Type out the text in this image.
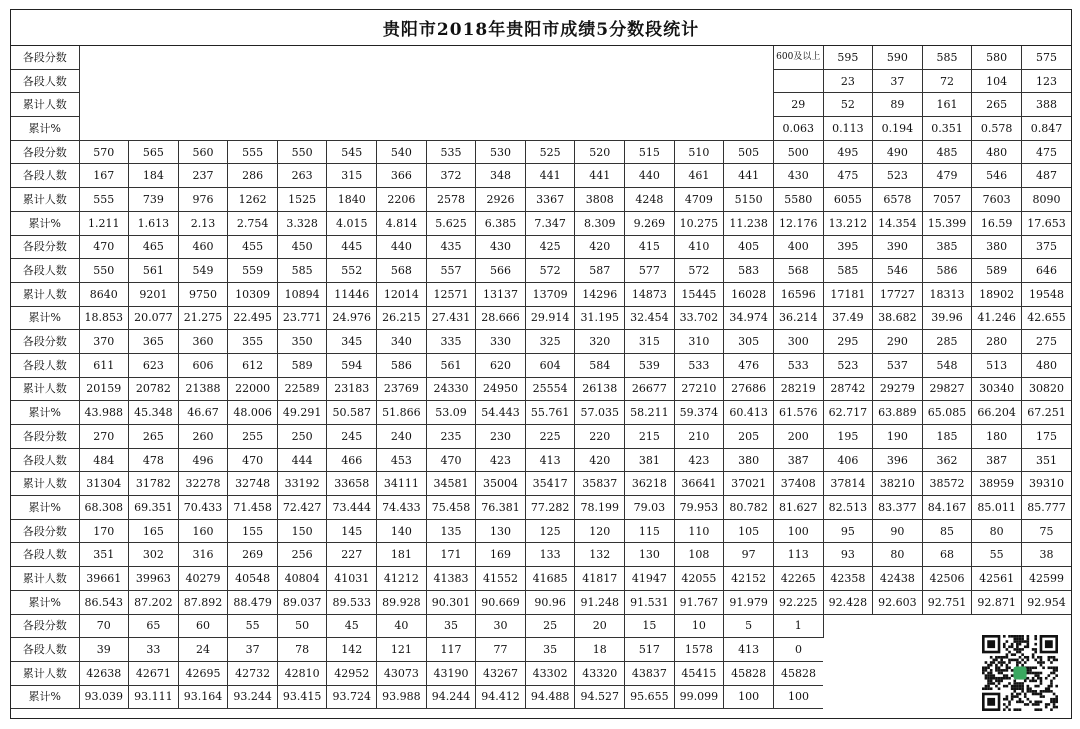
贵阳市2018年贵阳市成绩5分数段统计
各段分数															600及以上	595	590	585	580	575
各段人数																23	37	72	104	123
累计人数															29	52	89	161	265	388
累计%															0.063	0.113	0.194	0.351	0.578	0.847
各段分数	570	565	560	555	550	545	540	535	530	525	520	515	510	505	500	495	490	485	480	475
各段人数	167	184	237	286	263	315	366	372	348	441	441	440	461	441	430	475	523	479	546	487
累计人数	555	739	976	1262	1525	1840	2206	2578	2926	3367	3808	4248	4709	5150	5580	6055	6578	7057	7603	8090
累计%	1.211	1.613	2.13	2.754	3.328	4.015	4.814	5.625	6.385	7.347	8.309	9.269	10.275	11.238	12.176	13.212	14.354	15.399	16.59	17.653
各段分数	470	465	460	455	450	445	440	435	430	425	420	415	410	405	400	395	390	385	380	375
各段人数	550	561	549	559	585	552	568	557	566	572	587	577	572	583	568	585	546	586	589	646
累计人数	8640	9201	9750	10309	10894	11446	12014	12571	13137	13709	14296	14873	15445	16028	16596	17181	17727	18313	18902	19548
累计%	18.853	20.077	21.275	22.495	23.771	24.976	26.215	27.431	28.666	29.914	31.195	32.454	33.702	34.974	36.214	37.49	38.682	39.96	41.246	42.655
各段分数	370	365	360	355	350	345	340	335	330	325	320	315	310	305	300	295	290	285	280	275
各段人数	611	623	606	612	589	594	586	561	620	604	584	539	533	476	533	523	537	548	513	480
累计人数	20159	20782	21388	22000	22589	23183	23769	24330	24950	25554	26138	26677	27210	27686	28219	28742	29279	29827	30340	30820
累计%	43.988	45.348	46.67	48.006	49.291	50.587	51.866	53.09	54.443	55.761	57.035	58.211	59.374	60.413	61.576	62.717	63.889	65.085	66.204	67.251
各段分数	270	265	260	255	250	245	240	235	230	225	220	215	210	205	200	195	190	185	180	175
各段人数	484	478	496	470	444	466	453	470	423	413	420	381	423	380	387	406	396	362	387	351
累计人数	31304	31782	32278	32748	33192	33658	34111	34581	35004	35417	35837	36218	36641	37021	37408	37814	38210	38572	38959	39310
累计%	68.308	69.351	70.433	71.458	72.427	73.444	74.433	75.458	76.381	77.282	78.199	79.03	79.953	80.782	81.627	82.513	83.377	84.167	85.011	85.777
各段分数	170	165	160	155	150	145	140	135	130	125	120	115	110	105	100	95	90	85	80	75
各段人数	351	302	316	269	256	227	181	171	169	133	132	130	108	97	113	93	80	68	55	38
累计人数	39661	39963	40279	40548	40804	41031	41212	41383	41552	41685	41817	41947	42055	42152	42265	42358	42438	42506	42561	42599
累计%	86.543	87.202	87.892	88.479	89.037	89.533	89.928	90.301	90.669	90.96	91.248	91.531	91.767	91.979	92.225	92.428	92.603	92.751	92.871	92.954
各段分数	70	65	60	55	50	45	40	35	30	25	20	15	10	5	1					
各段人数	39	33	24	37	78	142	121	117	77	35	18	517	1578	413	0					
累计人数	42638	42671	42695	42732	42810	42952	43073	43190	43267	43302	43320	43837	45415	45828	45828					
累计%	93.039	93.111	93.164	93.244	93.415	93.724	93.988	94.244	94.412	94.488	94.527	95.655	99.099	100	100					
